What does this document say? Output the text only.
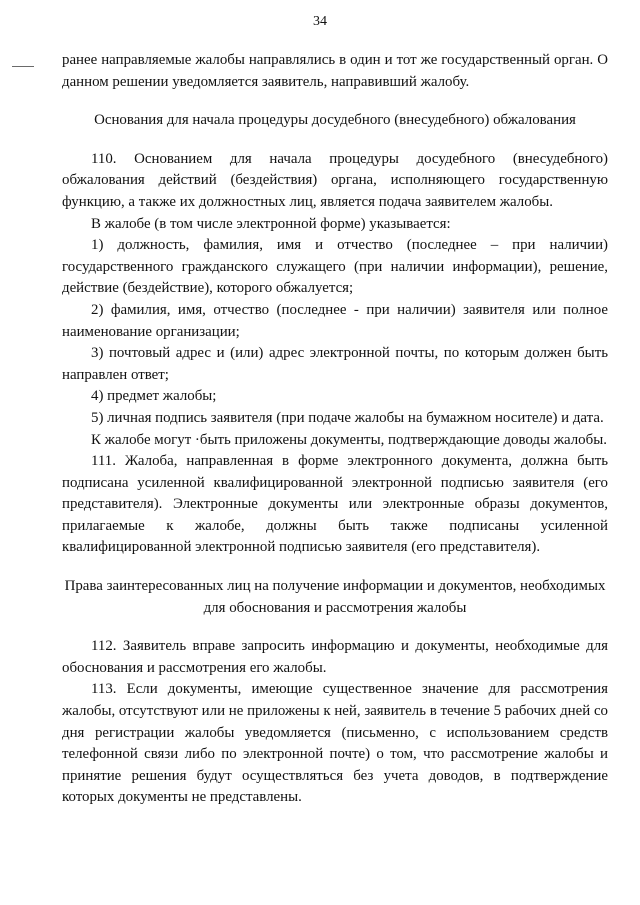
34

ранее направляемые жалобы направлялись в один и тот же государственный орган. О данном решении уведомляется заявитель, направивший жалобу.

Основания для начала процедуры досудебного (внесудебного) обжалования

110. Основанием для начала процедуры досудебного (внесудебного) обжалования действий (бездействия) органа, исполняющего государственную функцию, а также их должностных лиц, является подача заявителем жалобы.

В жалобе (в том числе электронной форме) указывается:

1) должность, фамилия, имя и отчество (последнее – при наличии) государственного гражданского служащего (при наличии информации), решение, действие (бездействие), которого обжалуется;

2) фамилия, имя, отчество (последнее - при наличии) заявителя или полное наименование организации;

3) почтовый адрес и (или) адрес электронной почты, по которым должен быть направлен ответ;

4) предмет жалобы;

5) личная подпись заявителя (при подаче жалобы на бумажном носителе) и дата.

К жалобе могут ·быть приложены документы, подтверждающие доводы жалобы.

111. Жалоба, направленная в форме электронного документа, должна быть подписана усиленной квалифицированной электронной подписью заявителя (его представителя). Электронные документы или электронные образы документов, прилагаемые к жалобе, должны быть также подписаны усиленной квалифицированной электронной подписью заявителя (его представителя).

Права заинтересованных лиц на получение информации и документов, необходимых для обоснования и рассмотрения жалобы

112. Заявитель вправе запросить информацию и документы, необходимые для обоснования и рассмотрения его жалобы.

113. Если документы, имеющие существенное значение для рассмотрения жалобы, отсутствуют или не приложены к ней, заявитель в течение 5 рабочих дней со дня регистрации жалобы уведомляется (письменно, с использованием средств телефонной связи либо по электронной почте) о том, что рассмотрение жалобы и принятие решения будут осуществляться без учета доводов, в подтверждение которых документы не представлены.
